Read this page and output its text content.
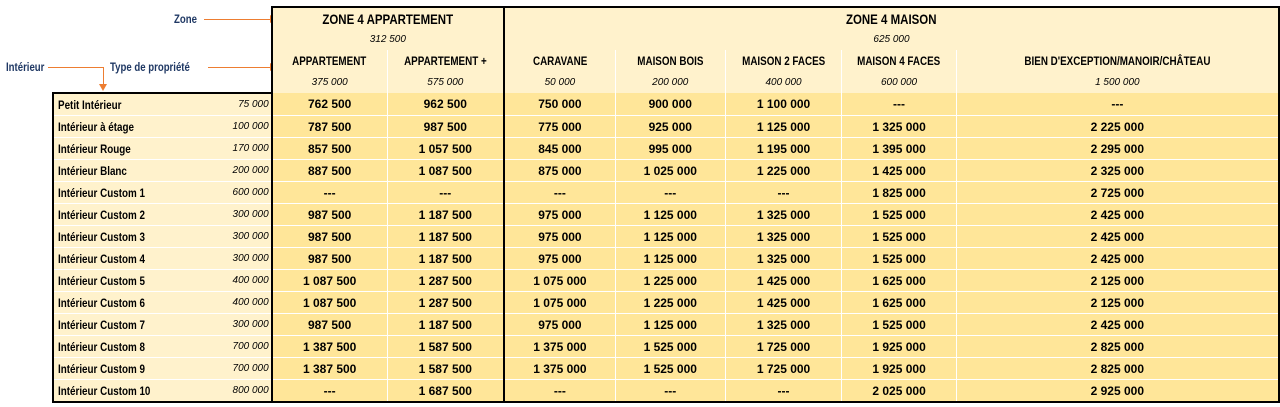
Zone
Type de propriété
Intérieur
		ZONE 4 APPARTEMENT		ZONE 4 MAISON				
		312 500		625 000				
		APPARTEMENT	APPARTEMENT +	CARAVANE	MAISON BOIS	MAISON 2 FACES	MAISON 4 FACES	BIEN D'EXCEPTION/MANOIR/CHÂTEAU
		375 000	575 000	50 000	200 000	400 000	600 000	1 500 000
Petit Intérieur	75 000	762 500	962 500	750 000	900 000	1 100 000	---	---
Intérieur à étage	100 000	787 500	987 500	775 000	925 000	1 125 000	1 325 000	2 225 000
Intérieur Rouge	170 000	857 500	1 057 500	845 000	995 000	1 195 000	1 395 000	2 295 000
Intérieur Blanc	200 000	887 500	1 087 500	875 000	1 025 000	1 225 000	1 425 000	2 325 000
Intérieur Custom 1	600 000	---	---	---	---	---	1 825 000	2 725 000
Intérieur Custom 2	300 000	987 500	1 187 500	975 000	1 125 000	1 325 000	1 525 000	2 425 000
Intérieur Custom 3	300 000	987 500	1 187 500	975 000	1 125 000	1 325 000	1 525 000	2 425 000
Intérieur Custom 4	300 000	987 500	1 187 500	975 000	1 125 000	1 325 000	1 525 000	2 425 000
Intérieur Custom 5	400 000	1 087 500	1 287 500	1 075 000	1 225 000	1 425 000	1 625 000	2 125 000
Intérieur Custom 6	400 000	1 087 500	1 287 500	1 075 000	1 225 000	1 425 000	1 625 000	2 125 000
Intérieur Custom 7	300 000	987 500	1 187 500	975 000	1 125 000	1 325 000	1 525 000	2 425 000
Intérieur Custom 8	700 000	1 387 500	1 587 500	1 375 000	1 525 000	1 725 000	1 925 000	2 825 000
Intérieur Custom 9	700 000	1 387 500	1 587 500	1 375 000	1 525 000	1 725 000	1 925 000	2 825 000
Intérieur Custom 10	800 000	---	1 687 500	---	---	---	2 025 000	2 925 000
